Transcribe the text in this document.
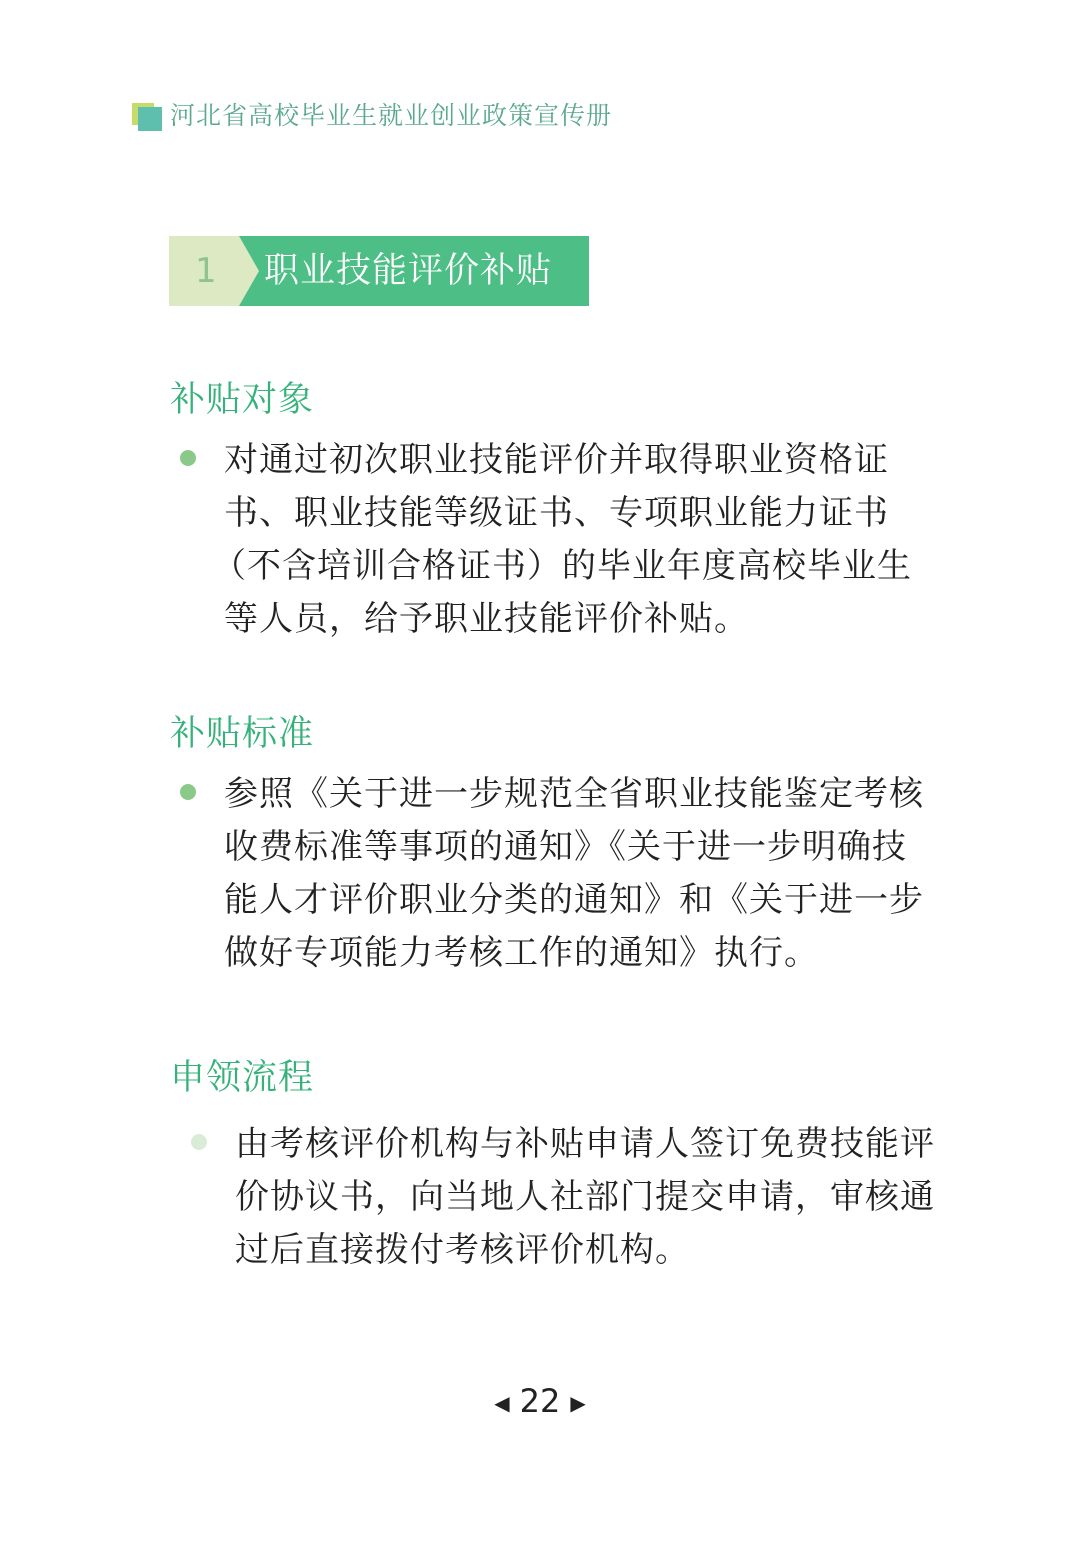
河北省高校毕业生就业创业政策宣传册
1	职业技能评价补贴
补贴对象
对通过初次职业技能评价并取得职业资格证
书、职业技能等级证书、专项职业能力证书
（不含培训合格证书）的毕业年度高校毕业生
等人员，给予职业技能评价补贴。
补贴标准
参照《关于进一步规范全省职业技能鉴定考核
收费标准等事项的通知》《关于进一步明确技
能人才评价职业分类的通知》和《关于进一步
做好专项能力考核工作的通知》执行。
申领流程
由考核评价机构与补贴申请人签订免费技能评
价协议书，向当地人社部门提交申请，审核通
过后直接拨付考核评价机构。
◀ 22 ▶
